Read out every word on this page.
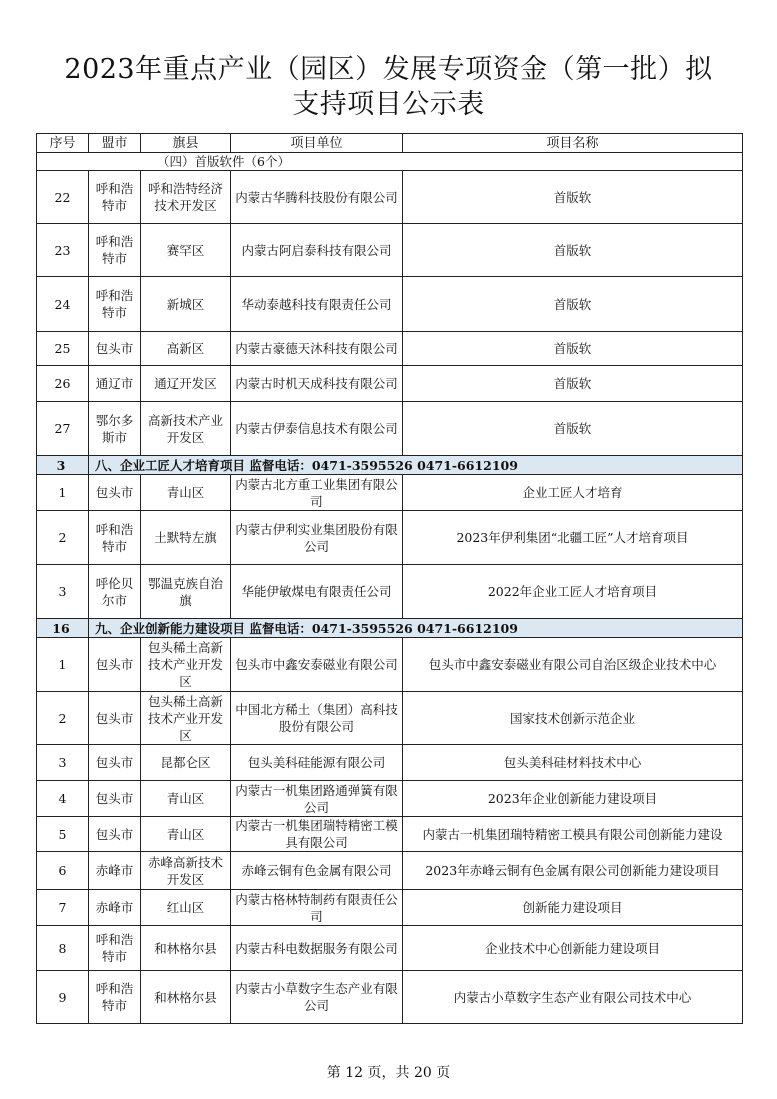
2023年重点产业（园区）发展专项资金（第一批）拟
支持项目公示表
序号	盟市	旗县	项目单位	项目名称
（四）首版软件（6个）				
22	呼和浩特市	呼和浩特经济技术开发区	内蒙古华腾科技股份有限公司	首版软
23	呼和浩特市	赛罕区	内蒙古阿启泰科技有限公司	首版软
24	呼和浩特市	新城区	华动泰越科技有限责任公司	首版软
25	包头市	高新区	内蒙古豪德天沐科技有限公司	首版软
26	通辽市	通辽开发区	内蒙古时机天成科技有限公司	首版软
27	鄂尔多斯市	高新技术产业开发区	内蒙古伊泰信息技术有限公司	首版软
3	八、企业工匠人才培育项目 监督电话：0471-3595526 0471-6612109			
1	包头市	青山区	内蒙古北方重工业集团有限公司	企业工匠人才培育
2	呼和浩特市	土默特左旗	内蒙古伊利实业集团股份有限公司	2023年伊利集团“北疆工匠”人才培育项目
3	呼伦贝尔市	鄂温克族自治旗	华能伊敏煤电有限责任公司	2022年企业工匠人才培育项目
16	九、企业创新能力建设项目 监督电话：0471-3595526 0471-6612109			
1	包头市	包头稀土高新技术产业开发区	包头市中鑫安泰磁业有限公司	包头市中鑫安泰磁业有限公司自治区级企业技术中心
2	包头市	包头稀土高新技术产业开发区	中国北方稀土（集团）高科技股份有限公司	国家技术创新示范企业
3	包头市	昆都仑区	包头美科硅能源有限公司	包头美科硅材料技术中心
4	包头市	青山区	内蒙古一机集团路通弹簧有限公司	2023年企业创新能力建设项目
5	包头市	青山区	内蒙古一机集团瑞特精密工模具有限公司	内蒙古一机集团瑞特精密工模具有限公司创新能力建设
6	赤峰市	赤峰高新技术开发区	赤峰云铜有色金属有限公司	2023年赤峰云铜有色金属有限公司创新能力建设项目
7	赤峰市	红山区	内蒙古格林特制药有限责任公司	创新能力建设项目
8	呼和浩特市	和林格尔县	内蒙古科电数据服务有限公司	企业技术中心创新能力建设项目
9	呼和浩特市	和林格尔县	内蒙古小草数字生态产业有限公司	内蒙古小草数字生态产业有限公司技术中心
第 12 页，共 20 页
